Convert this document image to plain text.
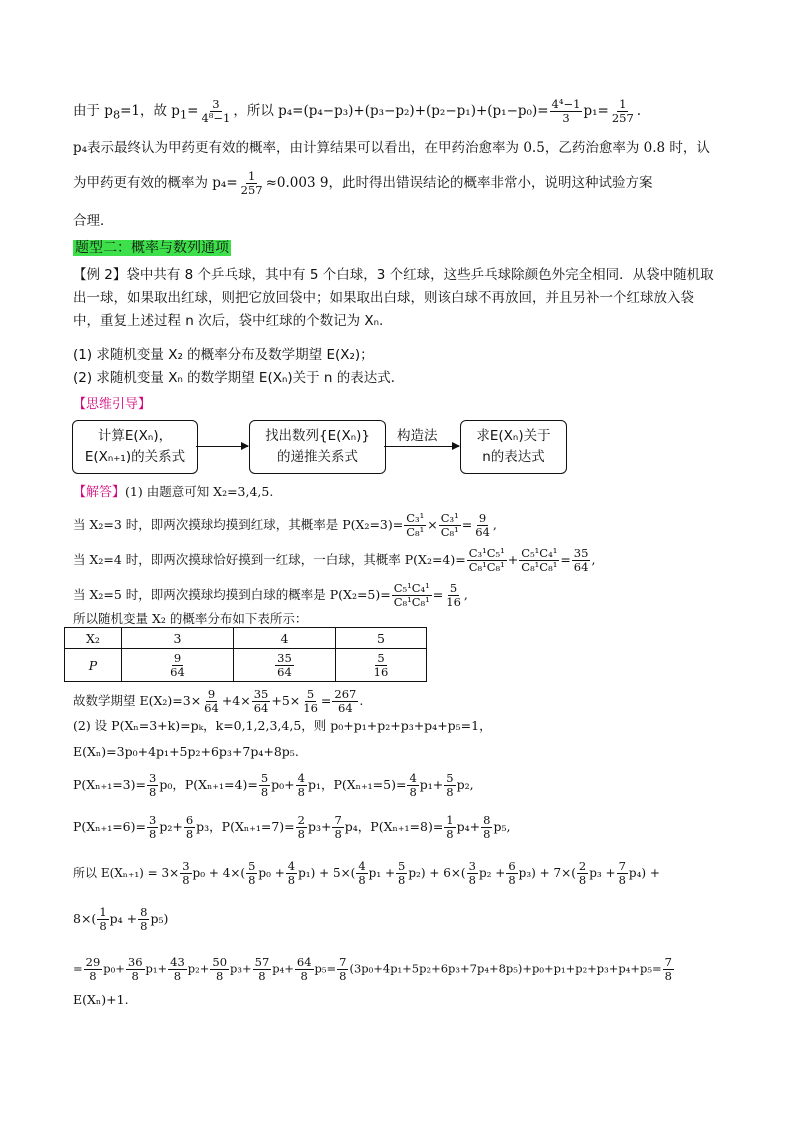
由于 $p_8=1$，故 $p_1= \frac{3}{\text{4⁸−1}}$ ，所以 $p_4=(p_4-p_3)+(p_3-p_2)+(p_2-p_1)+(p_1-p_0)= \frac{\text{4⁴−1}}{3} p_1= \frac{1}{257}$ .
p₄表示最终认为甲药更有效的概率，由计算结果可以看出，在甲药治愈率为 0.5，乙药治愈率为 0.8 时，认
为甲药更有效的概率为 $p_4= \frac{1}{257} \approx 0.003$ 9，此时得出错误结论的概率非常小，说明这种试验方案
合理．
题型二：概率与数列通项
【例 2】袋中共有 8 个乒乓球，其中有 5 个白球，3 个红球，这些乒乓球除颜色外完全相同．从袋中随机取
出一球，如果取出红球，则把它放回袋中；如果取出白球，则该白球不再放回，并且另补一个红球放入袋
中，重复上述过程 n 次后，袋中红球的个数记为 Xₙ.
(1) 求随机变量 X₂ 的概率分布及数学期望 E(X₂)；
(2) 求随机变量 Xₙ 的数学期望 E(Xₙ)关于 n 的表达式．
【思维引导】
计算E(Xₙ)，
E(Xₙ₊₁)的关系式
找出数列{E(Xₙ)}
的递推关系式
构造法	求E(Xₙ)关于
n的表达式
【解答】(1) 由题意可知 X₂=3,4,5.
当 X₂=3 时，即两次摸球均摸到红球，其概率是 $P(X_2=3)= \frac{\text{C₃¹}}{\text{C₈¹}} \times \frac{\text{C₃¹}}{\text{C₈¹}} = \frac{9}{64}$ ,
当 X₂=4 时，即两次摸球恰好摸到一红球，一白球，其概率 $P(X_2=4)= \frac{\text{C₃¹C₅¹}}{\text{C₈¹C₈¹}} + \frac{\text{C₅¹C₄¹}}{\text{C₈¹C₈¹}} = \frac{35}{64}$ ,
当 X₂=5 时，即两次摸球均摸到白球的概率是 $P(X_2=5)= \frac{\text{C₅¹C₄¹}}{\text{C₈¹C₈¹}} = \frac{5}{16}$ ,
所以随机变量 X₂ 的概率分布如下表所示：
X₂	3	4	5
P	$\frac{9}{64}$	$\frac{35}{64}$	$\frac{5}{16}$
故数学期望 $E(X_2)=3\times \frac{9}{64} +4\times \frac{35}{64} +5\times \frac{5}{16} = \frac{267}{64}$ .
(2) 设 P(Xₙ=3+k)=pₖ，k=0,1,2,3,4,5，则 p₀+p₁+p₂+p₃+p₄+p₅=1，
E(Xₙ)=3p₀+4p₁+5p₂+6p₃+7p₄+8p₅.
$P(X_{n+1}=3)= \frac{3}{8} p_0$，$P(X_{n+1}=4)= \frac{5}{8} p_0+ \frac{4}{8} p_1$，$P(X_{n+1}=5)= \frac{4}{8} p_1+ \frac{5}{8} p_2$,
$P(X_{n+1}=6)= \frac{3}{8} p_2+ \frac{6}{8} p_3$，$P(X_{n+1}=7)= \frac{2}{8} p_3+ \frac{7}{8} p_4$，$P(X_{n+1}=8)= \frac{1}{8} p_4+ \frac{8}{8} p_5$,
所以 $E(X_{n+1}) = 3\times \frac{3}{8} p_0 + 4\times( \frac{5}{8} p_0 + \frac{4}{8} p_1) + 5\times( \frac{4}{8} p_1 + \frac{5}{8} p_2) + 6\times( \frac{3}{8} p_2 + \frac{6}{8} p_3) + 7\times( \frac{2}{8} p_3 + \frac{7}{8} p_4)$ +
$8\times( \frac{1}{8} p_4 + \frac{8}{8} p_5)$
= $\frac{29}{8} p_0+ \frac{36}{8} p_1+ \frac{43}{8} p_2+ \frac{50}{8} p_3+ \frac{57}{8} p_4+ \frac{64}{8} p_5= \frac{7}{8} (3p_0+4p_1+5p_2+6p_3+7p_4+8p_5)+p_0+p_1+p_2+p_3+p_4+p_5= \frac{7}{8}$
E(Xₙ)+1.
